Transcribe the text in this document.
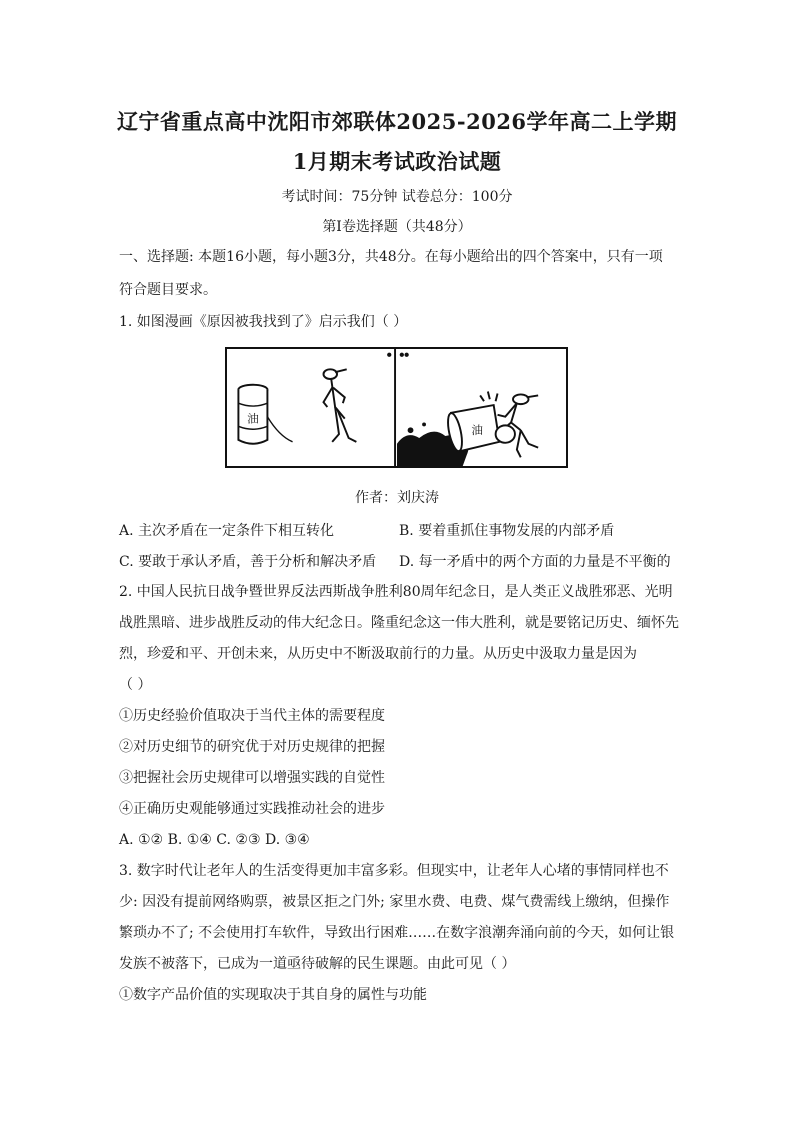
辽宁省重点高中沈阳市郊联体2025-2026学年高二上学期
1月期末考试政治试题
考试时间：75分钟 试卷总分：100分
第Ⅰ卷选择题（共48分）
一、选择题: 本题16小题，每小题3分，共48分。在每小题给出的四个答案中，只有一项
符合题目要求。
1. 如图漫画《原因被我找到了》启示我们（ ）
油
油
作者：刘庆涛
A. 主次矛盾在一定条件下相互转化	B. 要着重抓住事物发展的内部矛盾
C. 要敢于承认矛盾，善于分析和解决矛盾 D. 每一矛盾中的两个方面的力量是不平衡的
2. 中国人民抗日战争暨世界反法西斯战争胜利80周年纪念日，是人类正义战胜邪恶、光明
战胜黑暗、进步战胜反动的伟大纪念日。隆重纪念这一伟大胜利，就是要铭记历史、缅怀先
烈，珍爱和平、开创未来，从历史中不断汲取前行的力量。从历史中汲取力量是因为
（ ）
①历史经验价值取决于当代主体的需要程度
②对历史细节的研究优于对历史规律的把握
③把握社会历史规律可以增强实践的自觉性
④正确历史观能够通过实践推动社会的进步
A. ①② B. ①④ C. ②③ D. ③④
3. 数字时代让老年人的生活变得更加丰富多彩。但现实中，让老年人心堵的事情同样也不
少: 因没有提前网络购票，被景区拒之门外; 家里水费、电费、煤气费需线上缴纳，但操作
繁琐办不了; 不会使用打车软件，导致出行困难……在数字浪潮奔涌向前的今天，如何让银
发族不被落下，已成为一道亟待破解的民生课题。由此可见（ ）
①数字产品价值的实现取决于其自身的属性与功能
